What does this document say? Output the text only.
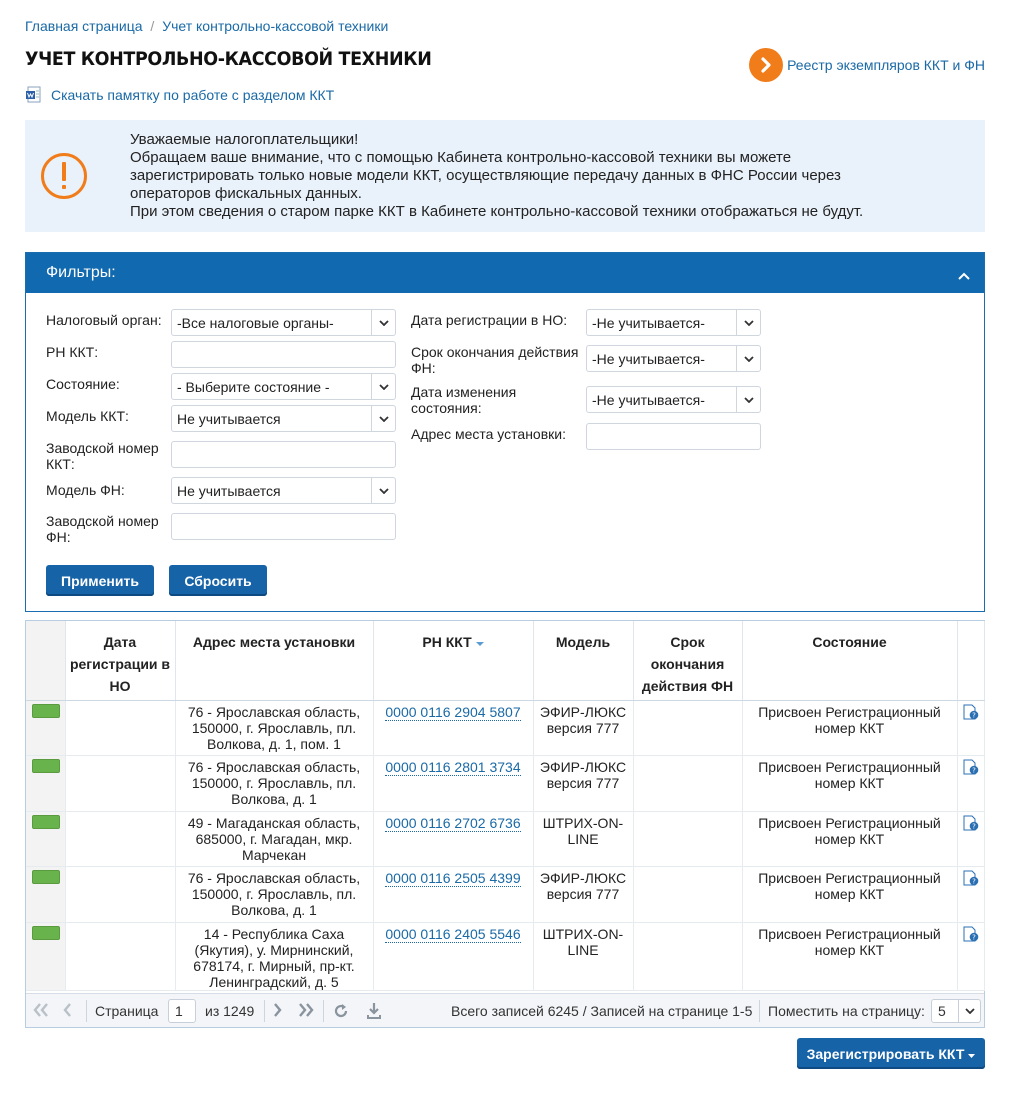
Главная страница / Учет контрольно-кассовой техники
УЧЕТ КОНТРОЛЬНО-КАССОВОЙ ТЕХНИКИ	Реестр экземпляров ККТ и ФН
Скачать памятку по работе с разделом ККТ
Уважаемые налогоплательщики!
Обращаем ваше внимание, что с помощью Кабинета контрольно-кассовой техники вы можете
зарегистрировать только новые модели ККТ, осуществляющие передачу данных в ФНС России через
операторов фискальных данных.
При этом сведения о старом парке ККТ в Кабинете контрольно-кассовой техники отображаться не будут.
Фильтры:
Налоговый орган:	-Все налоговые органы-
РН ККТ:
Состояние:	- Выберите состояние -
Модель ККТ:	Не учитывается
Заводской номер ККТ:
Модель ФН:	Не учитывается
Заводской номер ФН:
Дата регистрации в НО:	-Не учитывается-
Срок окончания действия ФН:
-Не учитывается-
Дата изменения состояния:	-Не учитывается-
Адрес места установки:
Применить	Сбросить
	Дата регистрации в НО	Адрес места установки	РН ККТ	Модель	Срок окончания действия ФН	Состояние	

		76 - Ярославская область, 150000, г. Ярославль, пл. Волкова, д. 1, пом. 1	0000 0116 2904 5807	ЭФИР-ЛЮКС версия 777		Присвоен Регистрационный номер ККТ	?

		76 - Ярославская область, 150000, г. Ярославль, пл. Волкова, д. 1	0000 0116 2801 3734	ЭФИР-ЛЮКС версия 777		Присвоен Регистрационный номер ККТ	?

		49 - Магаданская область, 685000, г. Магадан, мкр. Марчекан	0000 0116 2702 6736	ШТРИХ-ON-LINE		Присвоен Регистрационный номер ККТ	?

		76 - Ярославская область, 150000, г. Ярославль, пл. Волкова, д. 1	0000 0116 2505 4399	ЭФИР-ЛЮКС версия 777		Присвоен Регистрационный номер ККТ	?

		14 - Республика Саха (Якутия), у. Мирнинский, 678174, г. Мирный, пр-кт. Ленинградский, д. 5	0000 0116 2405 5546	ШТРИХ-ON-LINE		Присвоен Регистрационный номер ККТ	?
Страница	1	из 1249	Всего записей 6245 / Записей на странице 1-5 Поместить на страницу: 5
Зарегистрировать ККТ
